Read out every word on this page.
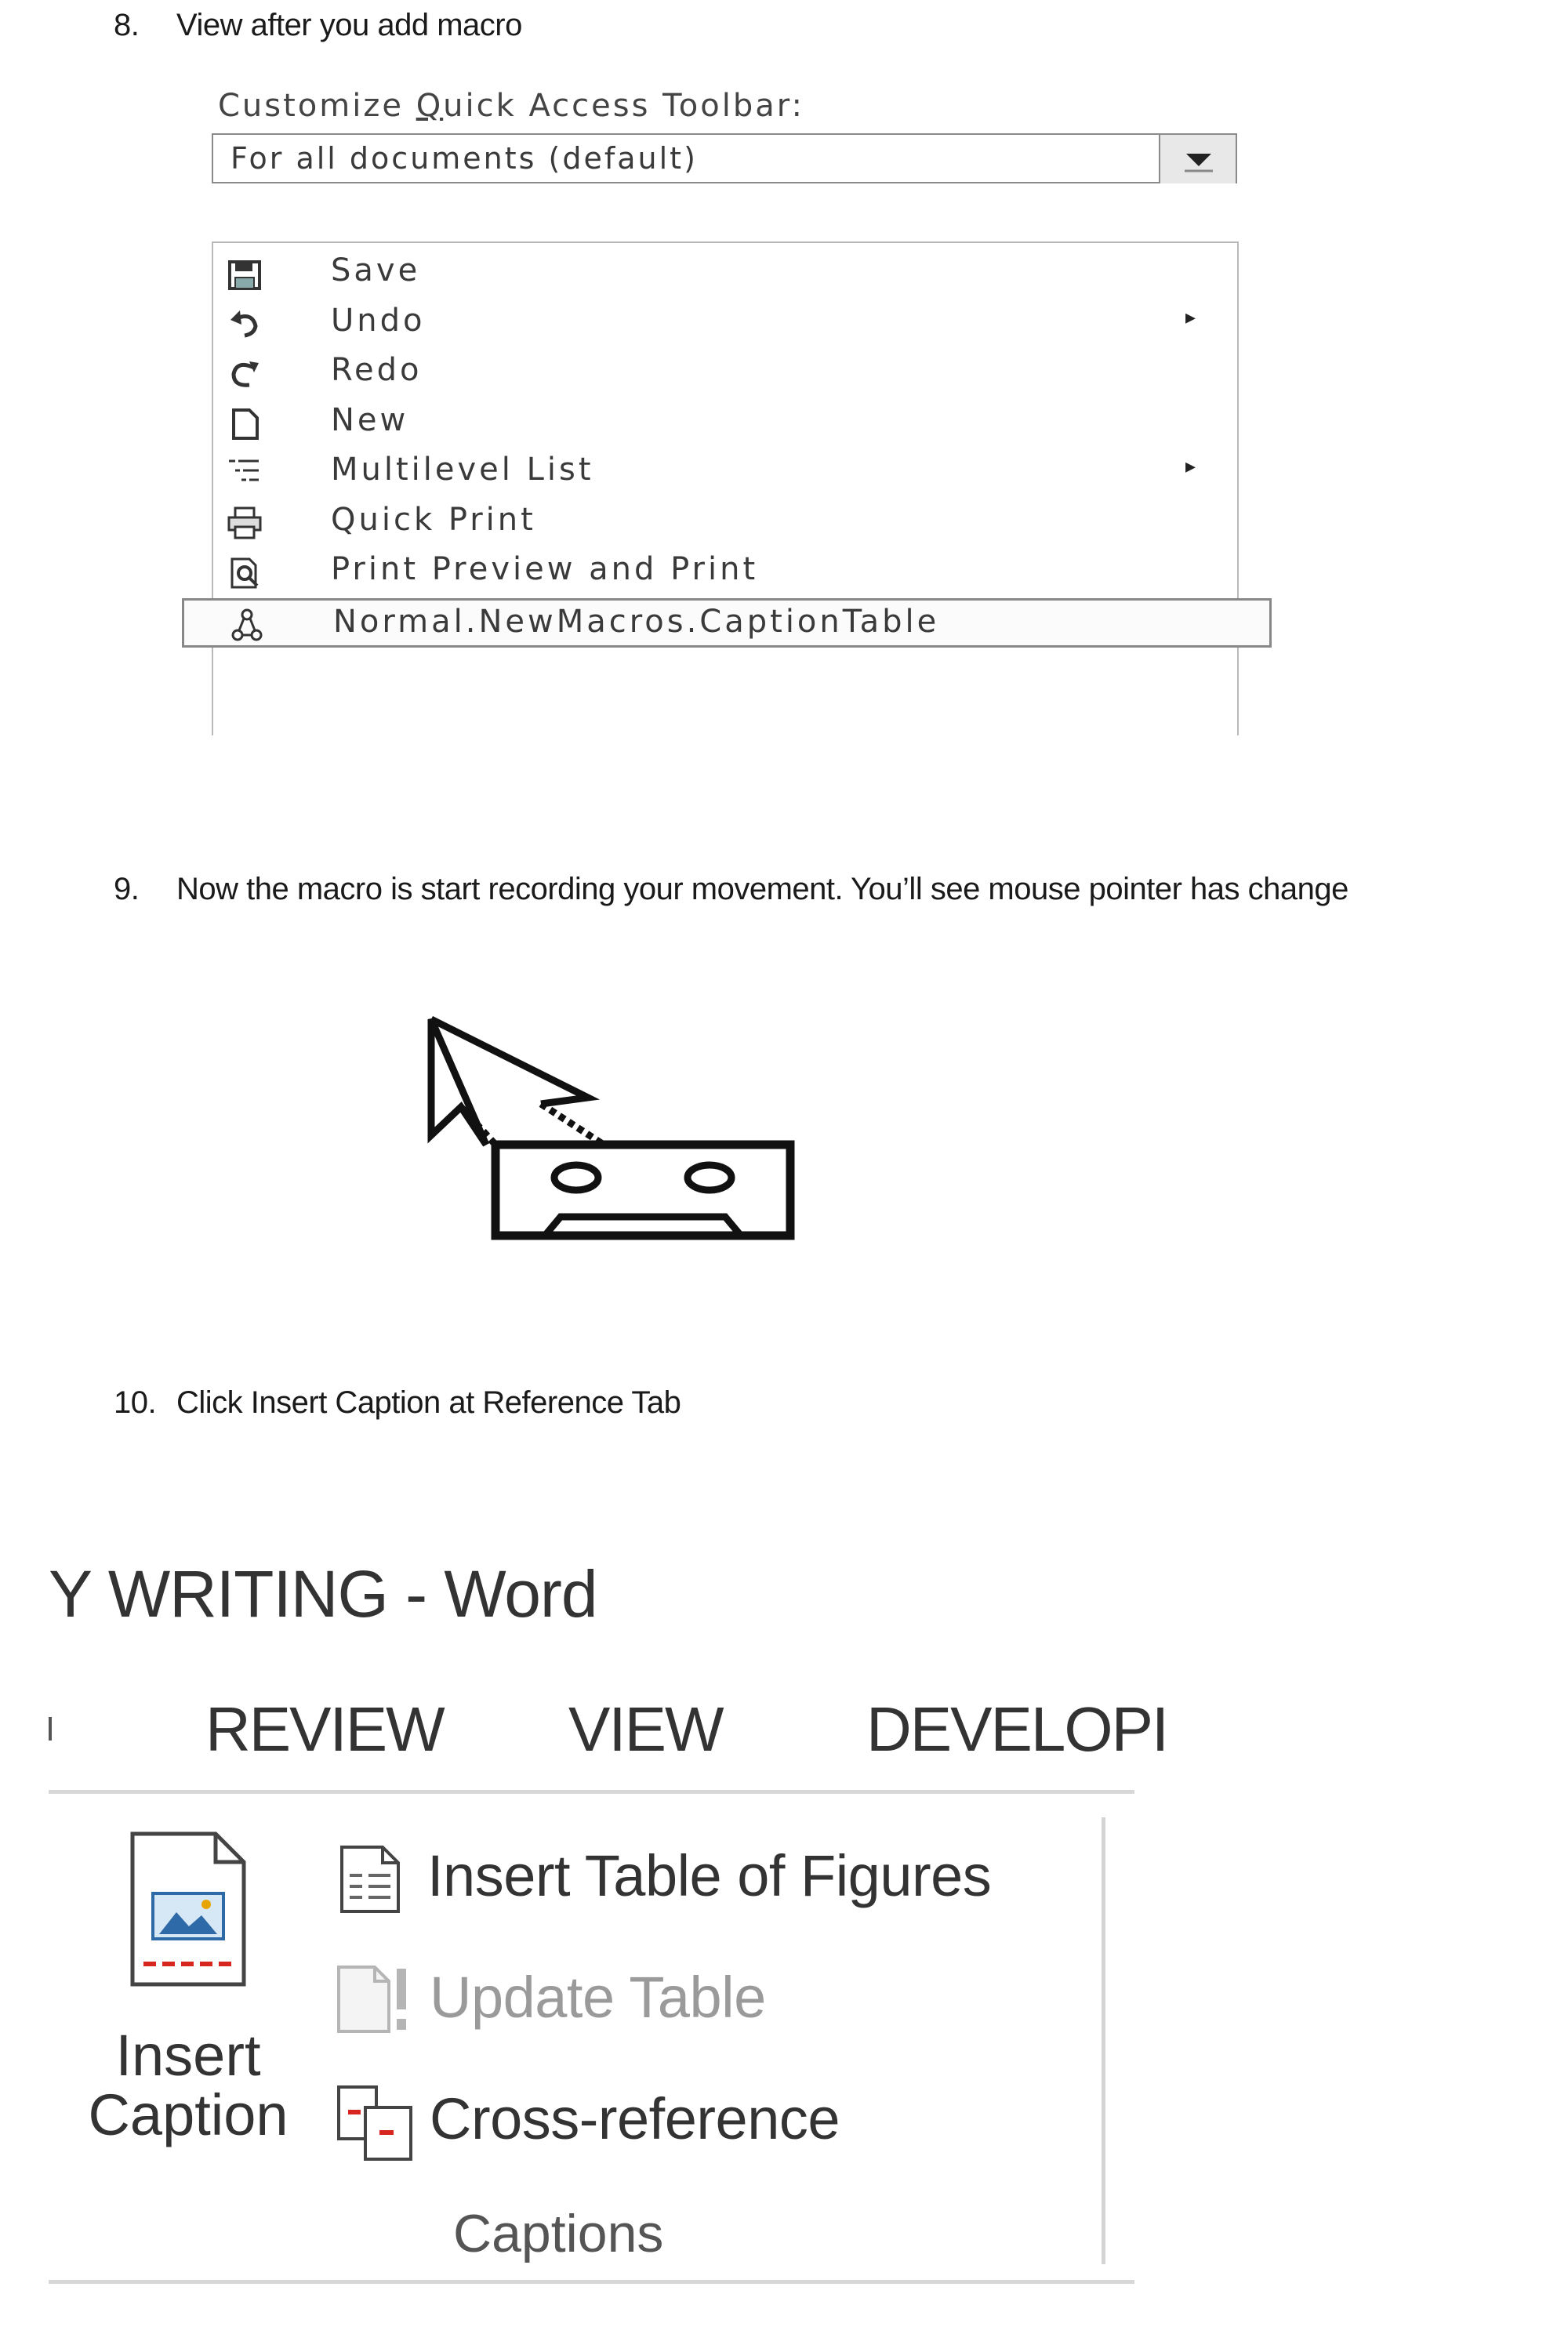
8. View after you add macro
Customize Quick Access Toolbar:
For all documents (default)
Save
Undo	▸
Redo
New
Multilevel List	▸
Quick Print
Print Preview and Print
Normal.NewMacros.CaptionTable
9. Now the macro is start recording your movement. You’ll see mouse pointer has change
10. Click Insert Caption at Reference Tab
Y WRITING - Word
REVIEW VIEW DEVELOPI
Insert
Caption
Insert Table of Figures
Update Table
Cross-reference
Captions
